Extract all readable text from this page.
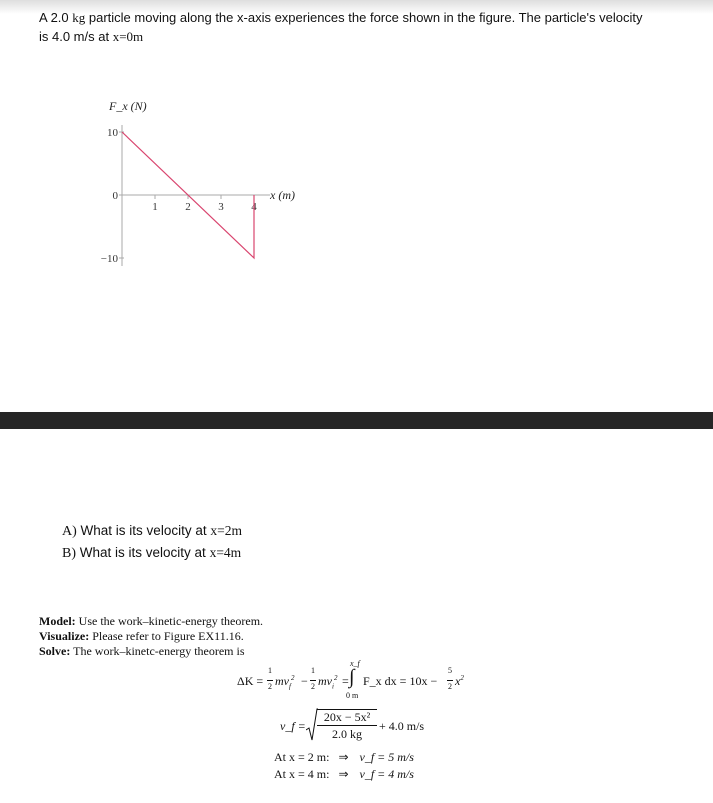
A 2.0 kg particle moving along the x-axis experiences the force shown in the figure. The particle's velocity
is 4.0 m/s at x=0m
F_x (N)
10
0
−10
1	2	3	4
x (m)
A) What is its velocity at x=2m
B) What is its velocity at x=4m
Model: Use the work–kinetic-energy theorem.
Visualize: Please refer to Figure EX11.16.
Solve: The work–kinetc-energy theorem is
ΔK =
1

2 $mv_f^2$ −
1

2 $mv_i^2$ =
x_f
∫
0 m
F_x dx = 10x −
5

2 $x^2$
v_f =
20x − 5x²
2.0 kg
+ 4.0 m/s
At x = 2 m: ⇒ v_f = 5 m/s
At x = 4 m: ⇒ v_f = 4 m/s
